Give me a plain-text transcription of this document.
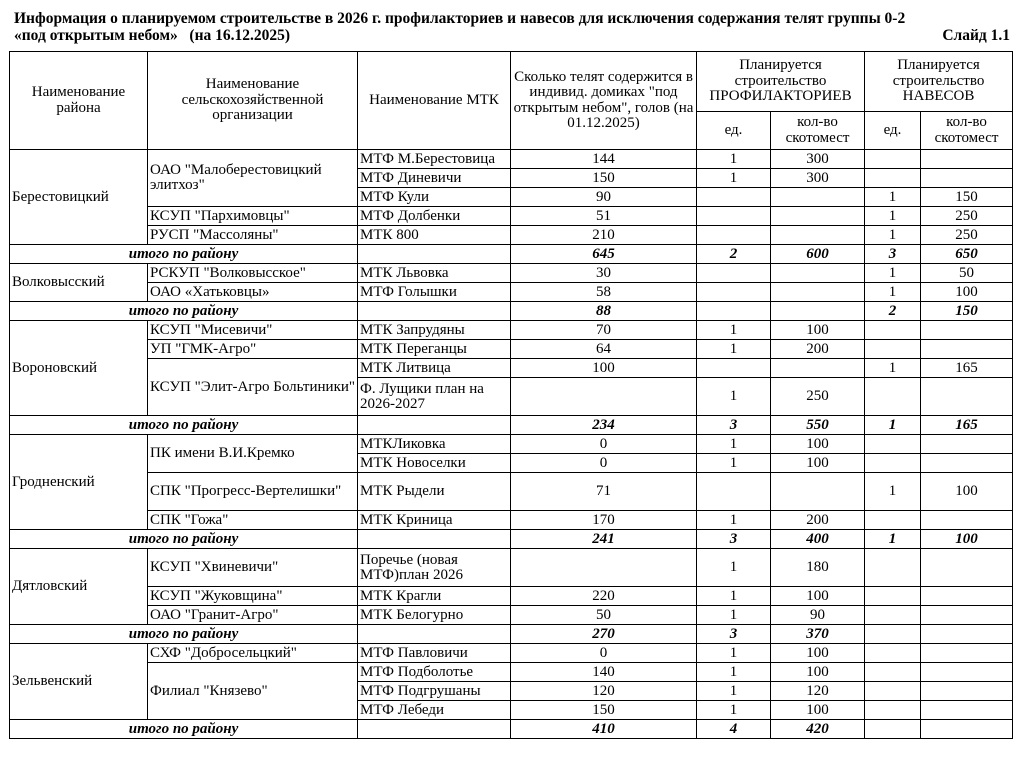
Информация о планируемом строительстве в 2026 г. профилакториев и навесов для исключения содержания телят группы 0-2
«под открытым небом»   (на 16.12.2025)	Слайд 1.1
Наименование района	Наименование сельскохозяйственной организации	Наименование МТК	Сколько телят содержится в индивид. домиках "под открытым небом", голов (на 01.12.2025)	Планируется строительство ПРОФИЛАКТОРИЕВ		Планируется строительство НАВЕСОВ	
				ед.	кол-во скотомест	ед.	кол-во скотомест
Берестовицкий	ОАО "Малоберестовицкий элитхоз"	МТФ М.Берестовица	144	1	300		
		МТФ Диневичи	150	1	300		
		МТФ Кули	90			1	150
	КСУП "Пархимовцы"	МТФ Долбенки	51			1	250
	РУСП "Массоляны"	МТК 800	210			1	250
итого по району			645	2	600	3	650
Волковысский	РСКУП "Волковысское"	МТК Львовка	30			1	50
	ОАО «Хатьковцы»	МТФ Голышки	58			1	100
итого по району			88			2	150
Вороновский	КСУП "Мисевичи"	МТК Запрудяны	70	1	100		
	УП "ГМК-Агро"	МТК Переганцы	64	1	200		
	КСУП "Элит-Агро Больтиники"	МТК Литвица	100			1	165
		Ф. Лущики план на 2026-2027		1	250		
итого по району			234	3	550	1	165
Гродненский	ПК имени В.И.Кремко	МТКЛиковка	0	1	100		
		МТК Новоселки	0	1	100		
	СПК "Прогресс-Вертелишки"	МТК Рыдели	71			1	100
	СПК "Гожа"	МТК Криница	170	1	200		
итого по району			241	3	400	1	100
Дятловский	КСУП "Хвиневичи"	Поречье (новая МТФ)план 2026		1	180		
	КСУП "Жуковщина"	МТК Крагли	220	1	100		
	ОАО "Гранит-Агро"	МТК Белогурно	50	1	90		
итого по району			270	3	370		
Зельвенский	СХФ "Добросельцкий"	МТФ Павловичи	0	1	100		
	Филиал "Князево"	МТФ Подболотье	140	1	100		
		МТФ Подгрушаны	120	1	120		
		МТФ Лебеди	150	1	100		
итого по району			410	4	420		
